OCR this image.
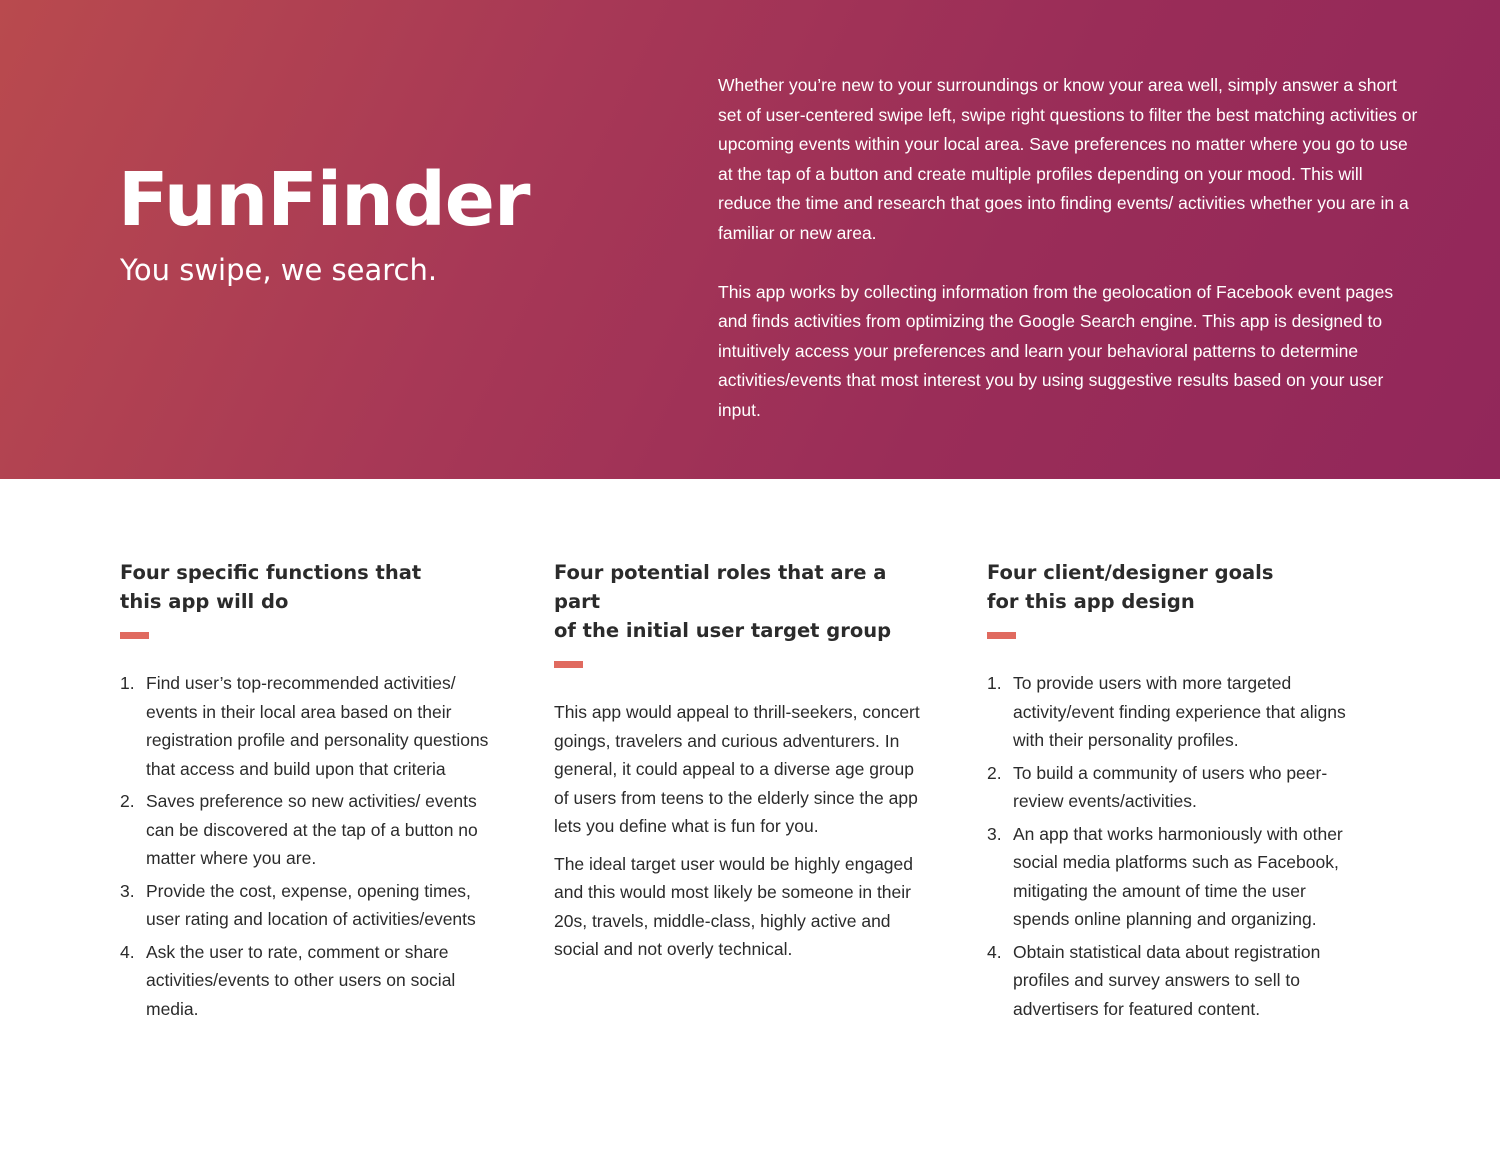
FunFinder

You swipe, we search.

Whether you’re new to your surroundings or know your area well, simply answer a short set of user-centered swipe left, swipe right questions to filter the best matching activities or upcoming events within your local area. Save preferences no matter where you go to use at the tap of a button and create multiple profiles depending on your mood. This will reduce the time and research that goes into finding events/ activities whether you are in a familiar or new area.

This app works by collecting information from the geolocation of Facebook event pages and finds activities from optimizing the Google Search engine. This app is designed to intuitively access your preferences and learn your behavioral patterns to determine activities/events that most interest you by using suggestive results based on your user input.

Four specific functions that
this app will do
1. Find user’s top-recommended activities/ events in their local area based on their registration profile and personality questions that access and build upon that criteria
2. Saves preference so new activities/ events can be discovered at the tap of a button no matter where you are.
3. Provide the cost, expense, opening times, user rating and location of activities/events
4. Ask the user to rate, comment or share activities/events to other users on social media.
Four potential roles that are a part
of the initial user target group

This app would appeal to thrill-seekers, concert goings, travelers and curious adventurers. In general, it could appeal to a diverse age group of users from teens to the elderly since the app lets you define what is fun for you.

The ideal target user would be highly engaged and this would most likely be someone in their 20s, travels, middle-class, highly active and social and not overly technical.

Four client/designer goals
for this app design
1. To provide users with more targeted activity/event finding experience that aligns with their personality profiles.
2. To build a community of users who peer-review events/activities.
3. An app that works harmoniously with other social media platforms such as Facebook, mitigating the amount of time the user spends online planning and organizing.
4. Obtain statistical data about registration profiles and survey answers to sell to advertisers for featured content.
